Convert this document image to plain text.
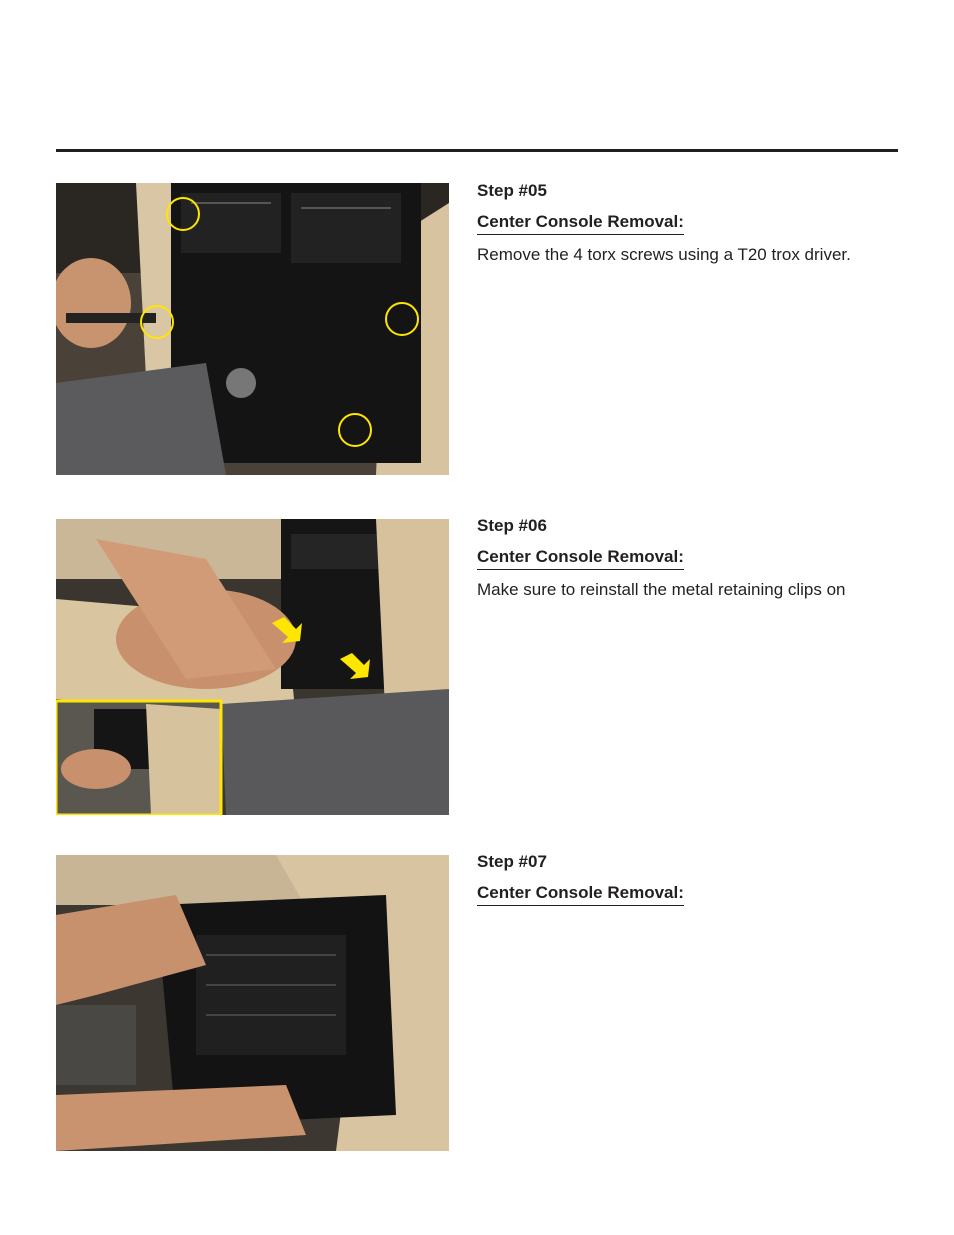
Step #05

Center Console Removal:
Remove the 4 torx screws using a T20 trox driver.

Step #06

Center Console Removal:
Make sure to reinstall the metal retaining clips on

Step #07

Center Console Removal:
